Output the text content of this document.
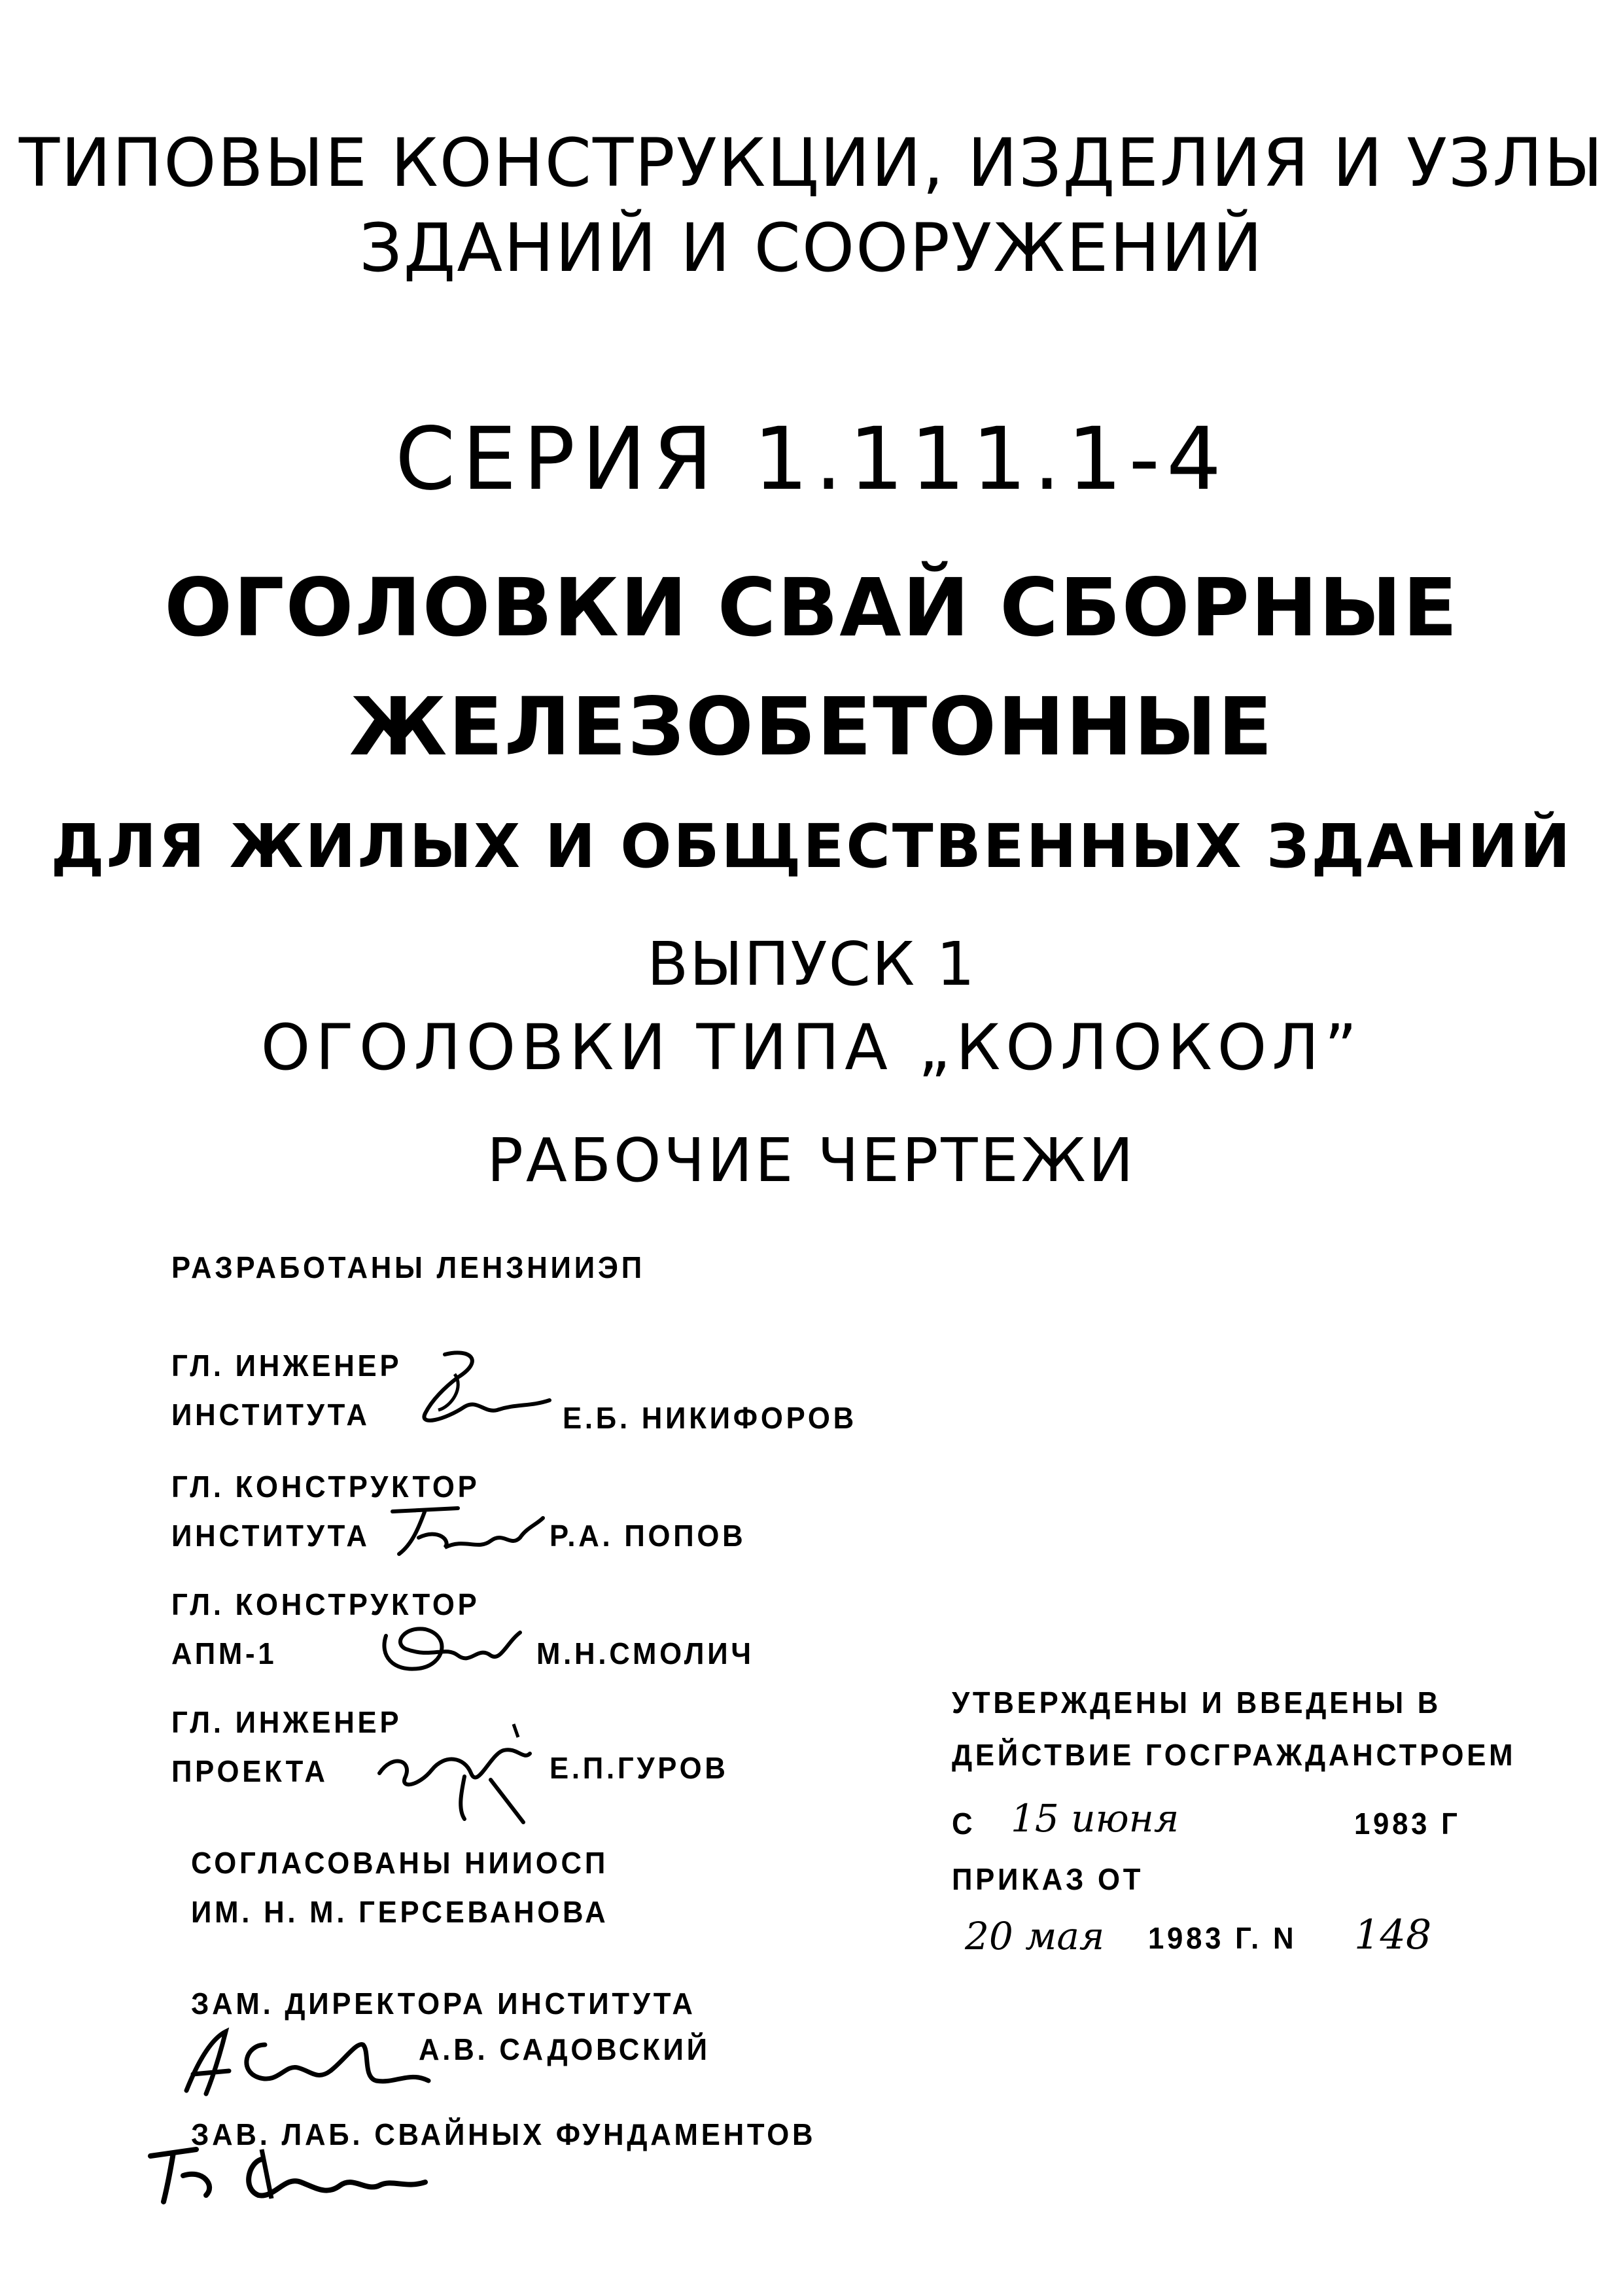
ТИПОВЫЕ КОНСТРУКЦИИ, ИЗДЕЛИЯ И УЗЛЫ
ЗДАНИЙ И СООРУЖЕНИЙ
СЕРИЯ 1.111.1-4
ОГОЛОВКИ СВАЙ СБОРНЫЕ
ЖЕЛЕЗОБЕТОННЫЕ
ДЛЯ ЖИЛЫХ И ОБЩЕСТВЕННЫХ ЗДАНИЙ
ВЫПУСК 1
ОГОЛОВКИ ТИПА „КОЛОКОЛ”
РАБОЧИЕ ЧЕРТЕЖИ
РАЗРАБОТАНЫ ЛЕНЗНИИЭП
ГЛ. ИНЖЕНЕР
ИНСТИТУТА	Е.Б. НИКИФОРОВ
ГЛ. КОНСТРУКТОР
ИНСТИТУТА	Р.А. ПОПОВ
ГЛ. КОНСТРУКТОР
АПМ-1	М.Н.СМОЛИЧ
ГЛ. ИНЖЕНЕР
ПРОЕКТА	Е.П.ГУРОВ
СОГЛАСОВАНЫ НИИОСП
ИМ. Н. М. ГЕРСЕВАНОВА
ЗАМ. ДИРЕКТОРА ИНСТИТУТА
А.В. САДОВСКИЙ
ЗАВ. ЛАБ. СВАЙНЫХ ФУНДАМЕНТОВ
УТВЕРЖДЕНЫ И ВВЕДЕНЫ В
ДЕЙСТВИЕ ГОСГРАЖДАНСТРОЕМ
С 15 июня	1983 Г
ПРИКАЗ ОТ
20 мая 1983 Г. N 148
